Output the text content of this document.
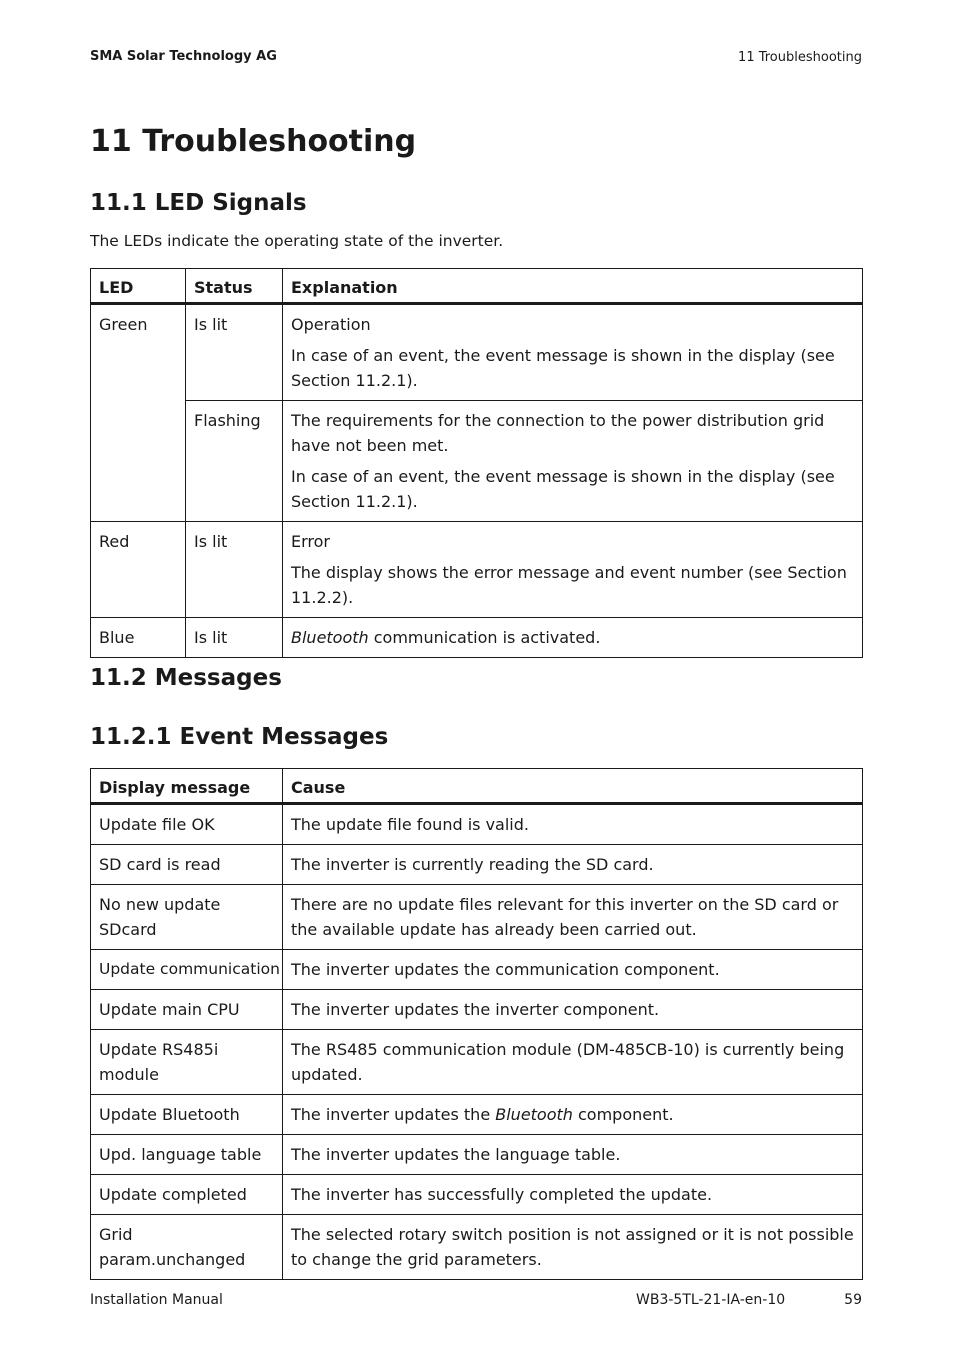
SMA Solar Technology AG	11 Troubleshooting
11 Troubleshooting
11.1 LED Signals
The LEDs indicate the operating state of the inverter.
LED	Status	Explanation
Green	Is lit	Operation

In case of an event, the event message is shown in the display (see Section 11.2.1).

	Flashing	The requirements for the connection to the power distribution grid have not been met.

In case of an event, the event message is shown in the display (see Section 11.2.1).

Red	Is lit	Error

The display shows the error message and event number (see Section 11.2.2).

Blue	Is lit	Bluetooth communication is activated.
11.2 Messages
11.2.1 Event Messages
Display message	Cause
Update file OK	The update file found is valid.
SD card is read	The inverter is currently reading the SD card.
No new update SDcard	There are no update files relevant for this inverter on the SD card or the available update has already been carried out.
Update communication	The inverter updates the communication component.
Update main CPU	The inverter updates the inverter component.
Update RS485i module	The RS485 communication module (DM-485CB-10) is currently being updated.
Update Bluetooth	The inverter updates the Bluetooth component.
Upd. language table	The inverter updates the language table.
Update completed	The inverter has successfully completed the update.
Grid param.unchanged	The selected rotary switch position is not assigned or it is not possible to change the grid parameters.
Installation Manual	WB3-5TL-21-IA-en-10	59
